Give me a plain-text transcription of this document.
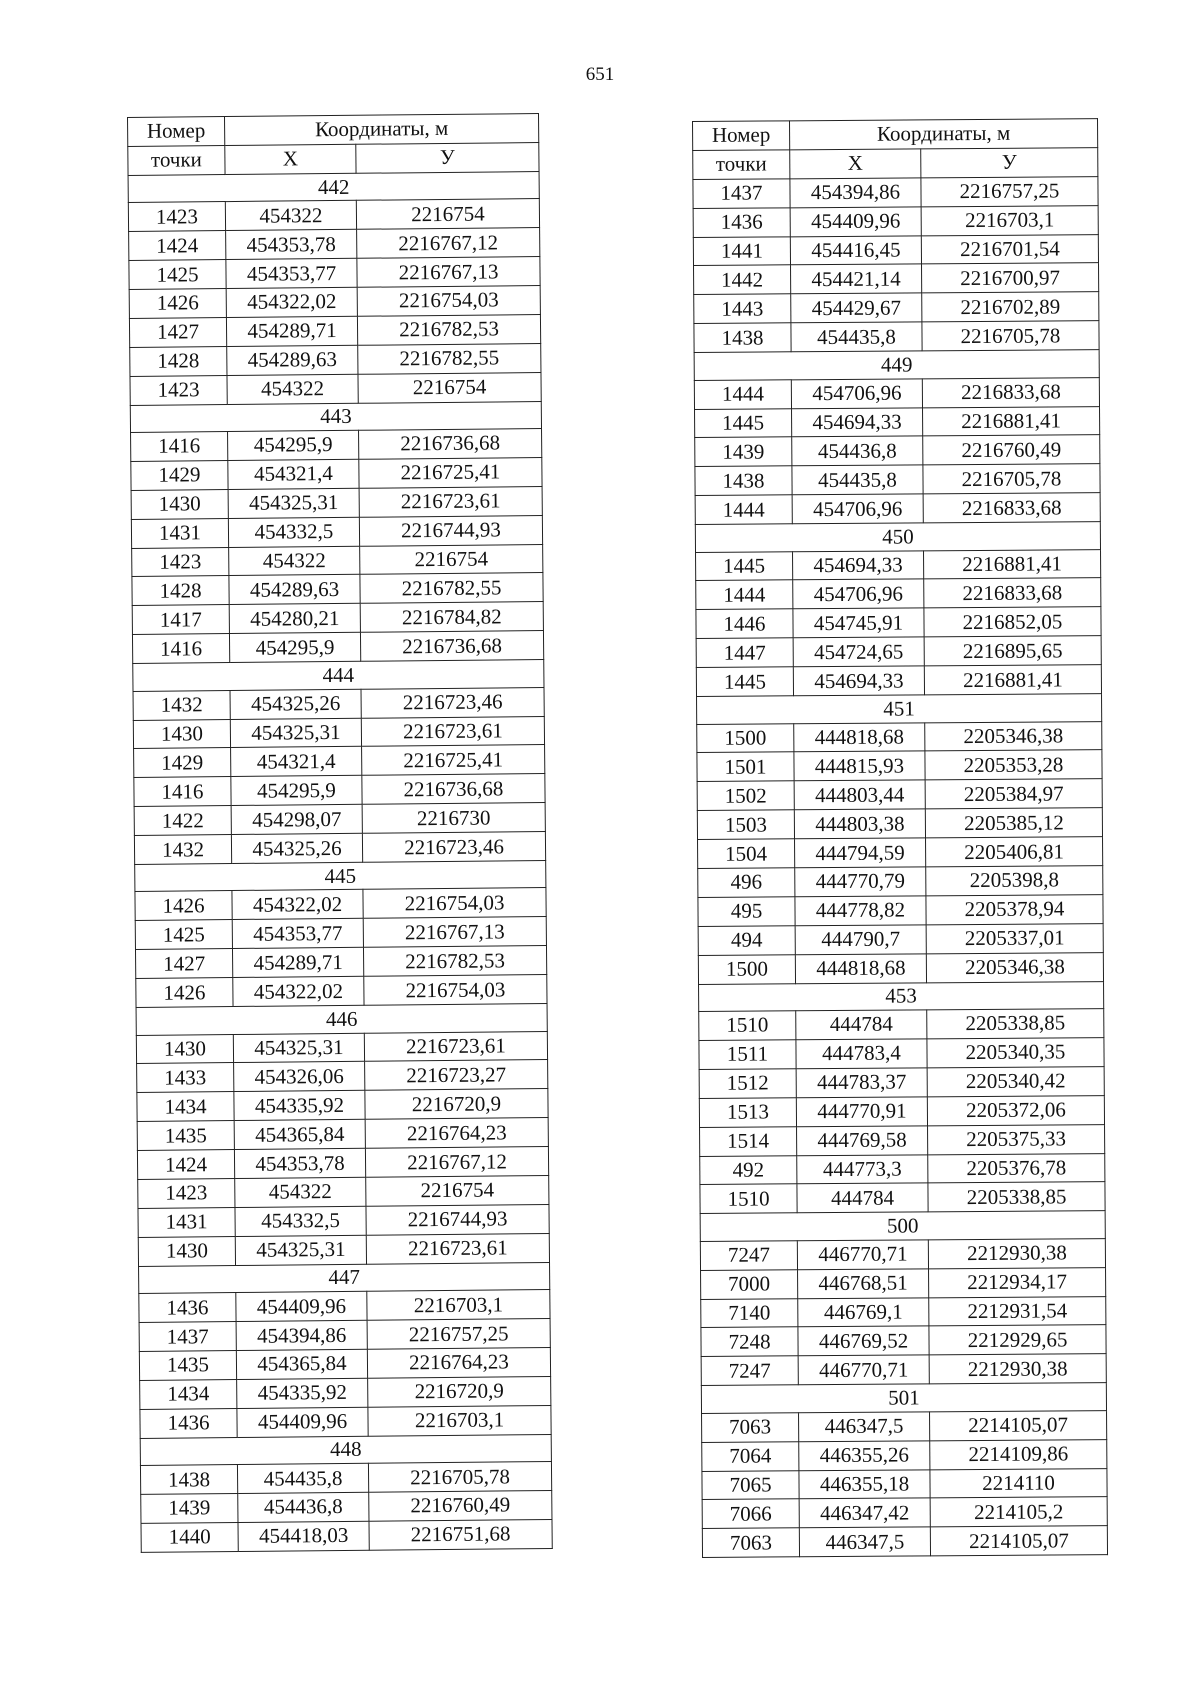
651
Номер	Координаты, м	
точки	X	У
442		
1423	454322	2216754
1424	454353,78	2216767,12
1425	454353,77	2216767,13
1426	454322,02	2216754,03
1427	454289,71	2216782,53
1428	454289,63	2216782,55
1423	454322	2216754
443		
1416	454295,9	2216736,68
1429	454321,4	2216725,41
1430	454325,31	2216723,61
1431	454332,5	2216744,93
1423	454322	2216754
1428	454289,63	2216782,55
1417	454280,21	2216784,82
1416	454295,9	2216736,68
444		
1432	454325,26	2216723,46
1430	454325,31	2216723,61
1429	454321,4	2216725,41
1416	454295,9	2216736,68
1422	454298,07	2216730
1432	454325,26	2216723,46
445		
1426	454322,02	2216754,03
1425	454353,77	2216767,13
1427	454289,71	2216782,53
1426	454322,02	2216754,03
446		
1430	454325,31	2216723,61
1433	454326,06	2216723,27
1434	454335,92	2216720,9
1435	454365,84	2216764,23
1424	454353,78	2216767,12
1423	454322	2216754
1431	454332,5	2216744,93
1430	454325,31	2216723,61
447		
1436	454409,96	2216703,1
1437	454394,86	2216757,25
1435	454365,84	2216764,23
1434	454335,92	2216720,9
1436	454409,96	2216703,1
448		
1438	454435,8	2216705,78
1439	454436,8	2216760,49
1440	454418,03	2216751,68
Номер	Координаты, м	
точки	X	У
1437	454394,86	2216757,25
1436	454409,96	2216703,1
1441	454416,45	2216701,54
1442	454421,14	2216700,97
1443	454429,67	2216702,89
1438	454435,8	2216705,78
449		
1444	454706,96	2216833,68
1445	454694,33	2216881,41
1439	454436,8	2216760,49
1438	454435,8	2216705,78
1444	454706,96	2216833,68
450		
1445	454694,33	2216881,41
1444	454706,96	2216833,68
1446	454745,91	2216852,05
1447	454724,65	2216895,65
1445	454694,33	2216881,41
451		
1500	444818,68	2205346,38
1501	444815,93	2205353,28
1502	444803,44	2205384,97
1503	444803,38	2205385,12
1504	444794,59	2205406,81
496	444770,79	2205398,8
495	444778,82	2205378,94
494	444790,7	2205337,01
1500	444818,68	2205346,38
453		
1510	444784	2205338,85
1511	444783,4	2205340,35
1512	444783,37	2205340,42
1513	444770,91	2205372,06
1514	444769,58	2205375,33
492	444773,3	2205376,78
1510	444784	2205338,85
500		
7247	446770,71	2212930,38
7000	446768,51	2212934,17
7140	446769,1	2212931,54
7248	446769,52	2212929,65
7247	446770,71	2212930,38
501		
7063	446347,5	2214105,07
7064	446355,26	2214109,86
7065	446355,18	2214110
7066	446347,42	2214105,2
7063	446347,5	2214105,07
